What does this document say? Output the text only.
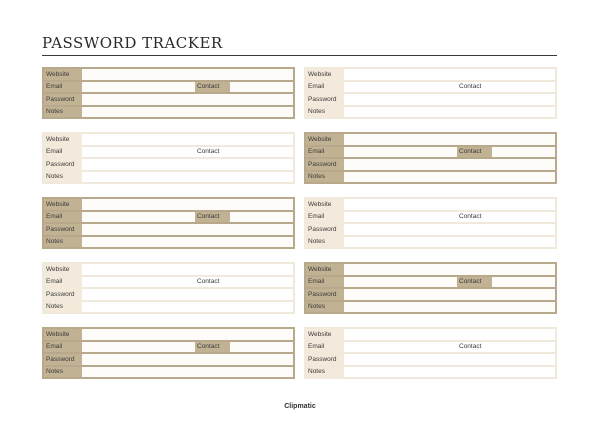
PASSWORD TRACKER
Website
Email	Contact
Password
Notes
Website
Email	Contact
Password
Notes
Website
Email	Contact
Password
Notes
Website
Email	Contact
Password
Notes
Website
Email	Contact
Password
Notes
Website
Email	Contact
Password
Notes
Website
Email	Contact
Password
Notes
Website
Email	Contact
Password
Notes
Website
Email	Contact
Password
Notes
Website
Email	Contact
Password
Notes
Clipmatic
